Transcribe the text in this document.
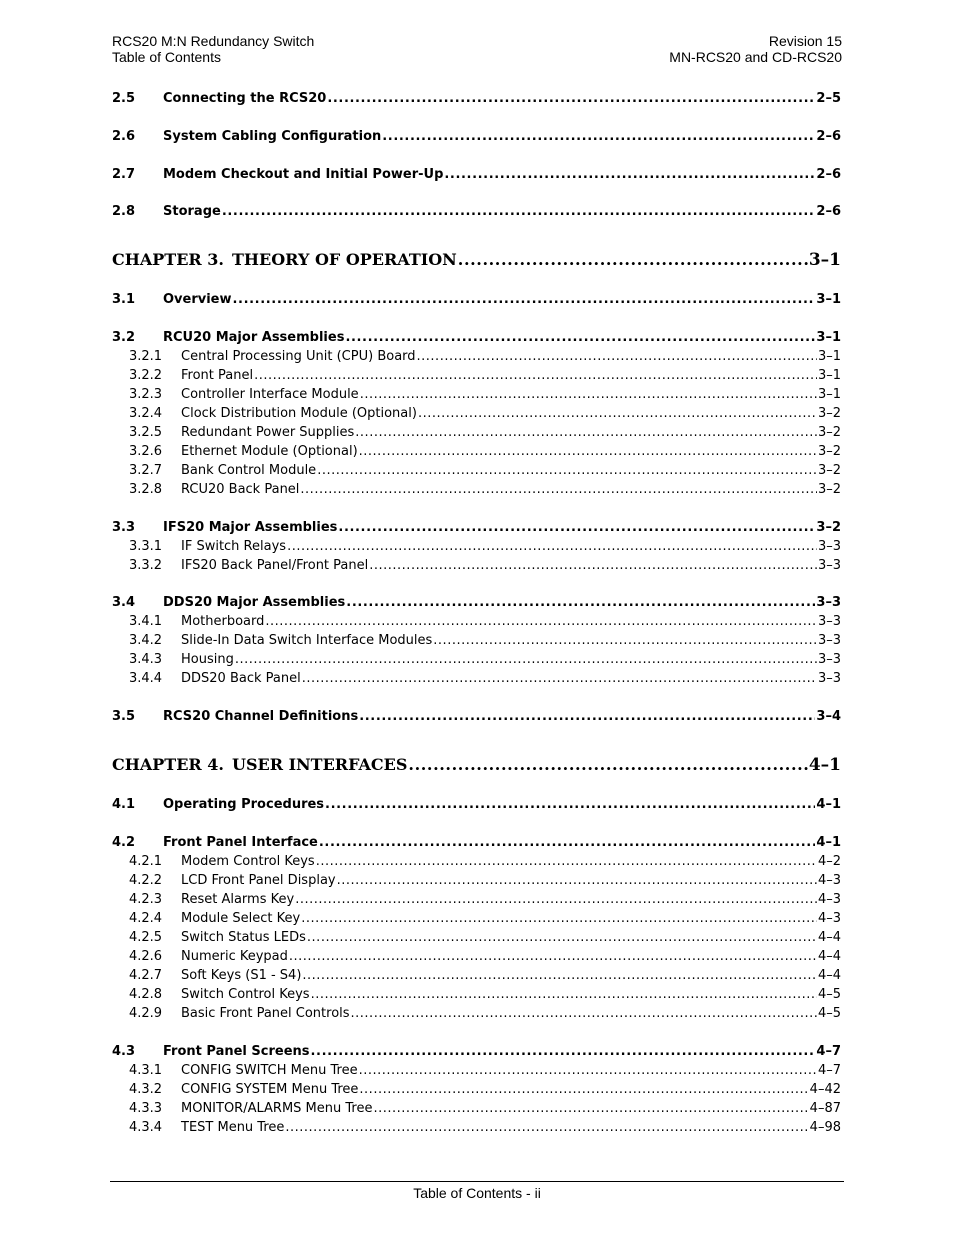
RCS20 M:N Redundancy Switch
Table of Contents
Revision 15
MN-RCS20 and CD-RCS20
2.5	Connecting the RCS20 .....	2–5
2.6	System Cabling Configuration .....	2–6
2.7	Modem Checkout and Initial Power-Up .....	2–6
2.8	Storage .....	2–6
CHAPTER 3. THEORY OF OPERATION .....	3–1
3.1	Overview .....	3–1
3.2	RCU20 Major Assemblies .....	3–1
3.2.1	Central Processing Unit (CPU) Board .....	3–1
3.2.2	Front Panel .....	3–1
3.2.3	Controller Interface Module .....	3–1
3.2.4	Clock Distribution Module (Optional) .....	3–2
3.2.5	Redundant Power Supplies .....	3–2
3.2.6	Ethernet Module (Optional) .....	3–2
3.2.7	Bank Control Module .....	3–2
3.2.8	RCU20 Back Panel .....	3–2
3.3	IFS20 Major Assemblies .....	3–2
3.3.1	IF Switch Relays .....	3–3
3.3.2	IFS20 Back Panel/Front Panel .....	3–3
3.4	DDS20 Major Assemblies .....	3–3
3.4.1	Motherboard .....	3–3
3.4.2	Slide-In Data Switch Interface Modules .....	3–3
3.4.3	Housing .....	3–3
3.4.4	DDS20 Back Panel .....	3–3
3.5	RCS20 Channel Definitions .....	3–4
CHAPTER 4. USER INTERFACES .....	4–1
4.1	Operating Procedures .....	4–1
4.2	Front Panel Interface .....	4–1
4.2.1	Modem Control Keys .....	4–2
4.2.2	LCD Front Panel Display .....	4–3
4.2.3	Reset Alarms Key .....	4–3
4.2.4	Module Select Key .....	4–3
4.2.5	Switch Status LEDs .....	4–4
4.2.6	Numeric Keypad .....	4–4
4.2.7	Soft Keys (S1 - S4) .....	4–4
4.2.8	Switch Control Keys .....	4–5
4.2.9	Basic Front Panel Controls .....	4–5
4.3	Front Panel Screens .....	4–7
4.3.1	CONFIG SWITCH Menu Tree .....	4–7
4.3.2	CONFIG SYSTEM Menu Tree .....	4–42
4.3.3	MONITOR/ALARMS Menu Tree .....	4–87
4.3.4	TEST Menu Tree .....	4–98
Table of Contents - ii
